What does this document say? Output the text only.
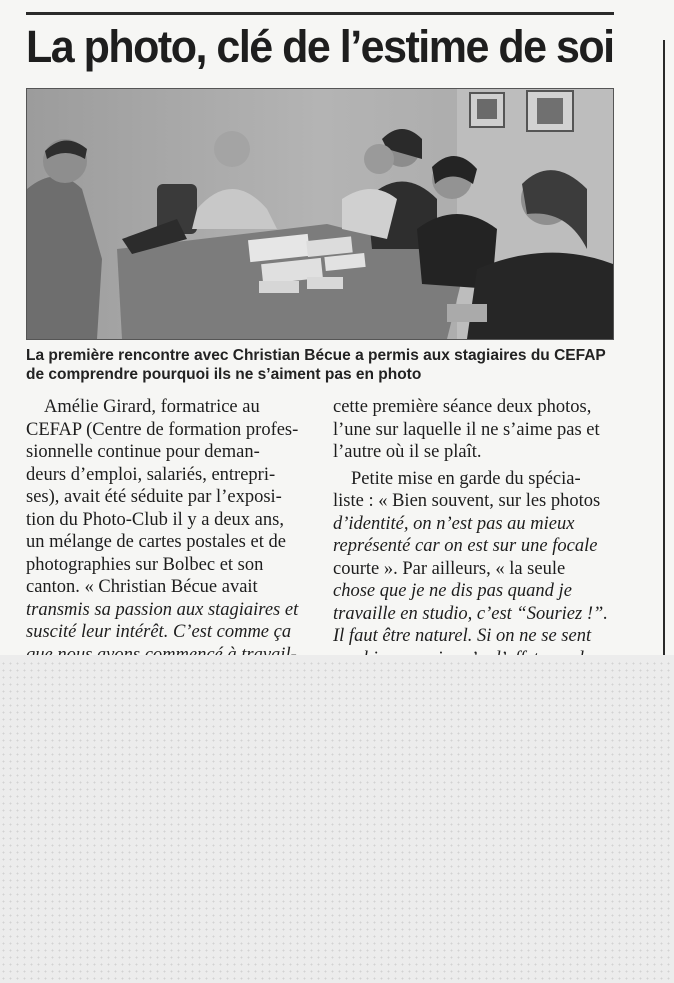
La photo, clé de l’estime de soi
La première rencontre avec Christian Bécue a permis aux stagiaires du CEFAP
de comprendre pourquoi ils ne s’aiment pas en photo
Amélie Girard, formatrice au
CEFAP (Centre de formation profes-
sionnelle continue pour deman-
deurs d’emploi, salariés, entrepri-
ses), avait été séduite par l’exposi-
tion du Photo-Club il y a deux ans,
un mélange de cartes postales et de
photographies sur Bolbec et son
canton. « Christian Bécue avait
transmis sa passion aux stagiaires et
suscité leur intérêt. C’est comme ça
cette première séance deux photos,
l’une sur laquelle il ne s’aime pas et
l’autre où il se plaît.
Petite mise en garde du spécia-
liste : « Bien souvent, sur les photos
d’identité, on n’est pas au mieux
représenté car on est sur une focale
courte ». Par ailleurs, « la seule
chose que je ne dis pas quand je
travaille en studio, c’est “Souriez !”.
Il faut être naturel. Si on ne se sent
